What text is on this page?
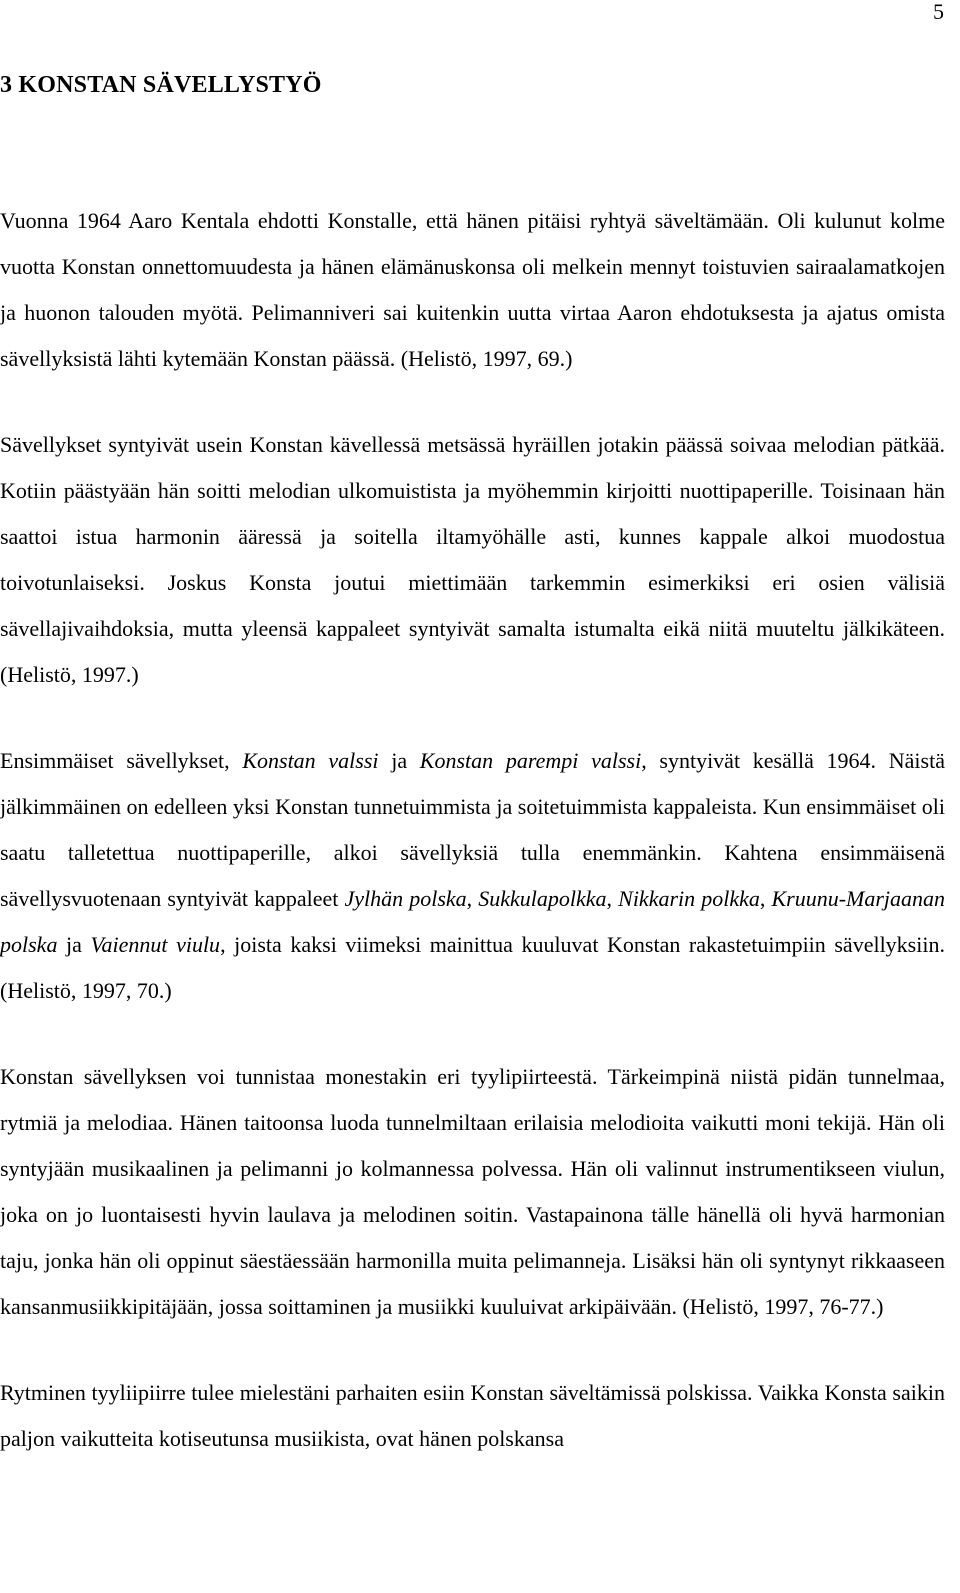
5
3 KONSTAN SÄVELLYSTYÖ

Vuonna 1964 Aaro Kentala ehdotti Konstalle, että hänen pitäisi ryhtyä säveltämään. Oli kulunut kolme vuotta Konstan onnettomuudesta ja hänen elämänuskonsa oli melkein mennyt toistuvien sairaalamatkojen ja huonon talouden myötä. Pelimanniveri sai kuitenkin uutta virtaa Aaron ehdotuksesta ja ajatus omista sävellyksistä lähti kytemään Konstan päässä. (Helistö, 1997, 69.)

Sävellykset syntyivät usein Konstan kävellessä metsässä hyräillen jotakin päässä soivaa melodian pätkää. Kotiin päästyään hän soitti melodian ulkomuistista ja myöhemmin kirjoitti nuottipaperille. Toisinaan hän saattoi istua harmonin ääressä ja soitella iltamyöhälle asti, kunnes kappale alkoi muodostua toivotunlaiseksi. Joskus Konsta joutui miettimään tarkemmin esimerkiksi eri osien välisiä sävellajivaihdoksia, mutta yleensä kappaleet syntyivät samalta istumalta eikä niitä muuteltu jälkikäteen. (Helistö, 1997.)

Ensimmäiset sävellykset, Konstan valssi ja Konstan parempi valssi, syntyivät kesällä 1964. Näistä jälkimmäinen on edelleen yksi Konstan tunnetuimmista ja soitetuimmista kappaleista. Kun ensimmäiset oli saatu talletettua nuottipaperille, alkoi sävellyksiä tulla enemmänkin. Kahtena ensimmäisenä sävellysvuotenaan syntyivät kappaleet Jylhän polska, Sukkulapolkka, Nikkarin polkka, Kruunu-Marjaanan polska ja Vaiennut viulu, joista kaksi viimeksi mainittua kuuluvat Konstan rakastetuimpiin sävellyksiin. (Helistö, 1997, 70.)

Konstan sävellyksen voi tunnistaa monestakin eri tyylipiirteestä. Tärkeimpinä niistä pidän tunnelmaa, rytmiä ja melodiaa. Hänen taitoonsa luoda tunnelmiltaan erilaisia melodioita vaikutti moni tekijä. Hän oli syntyjään musikaalinen ja pelimanni jo kolmannessa polvessa. Hän oli valinnut instrumentikseen viulun, joka on jo luontaisesti hyvin laulava ja melodinen soitin. Vastapainona tälle hänellä oli hyvä harmonian taju, jonka hän oli oppinut säestäessään harmonilla muita pelimanneja. Lisäksi hän oli syntynyt rikkaaseen kansanmusiikkipitäjään, jossa soittaminen ja musiikki kuuluivat arkipäivään. (Helistö, 1997, 76-77.)

Rytminen tyyliipiirre tulee mielestäni parhaiten esiin Konstan säveltämissä polskissa. Vaikka Konsta saikin paljon vaikutteita kotiseutunsa musiikista, ovat hänen polskansa
